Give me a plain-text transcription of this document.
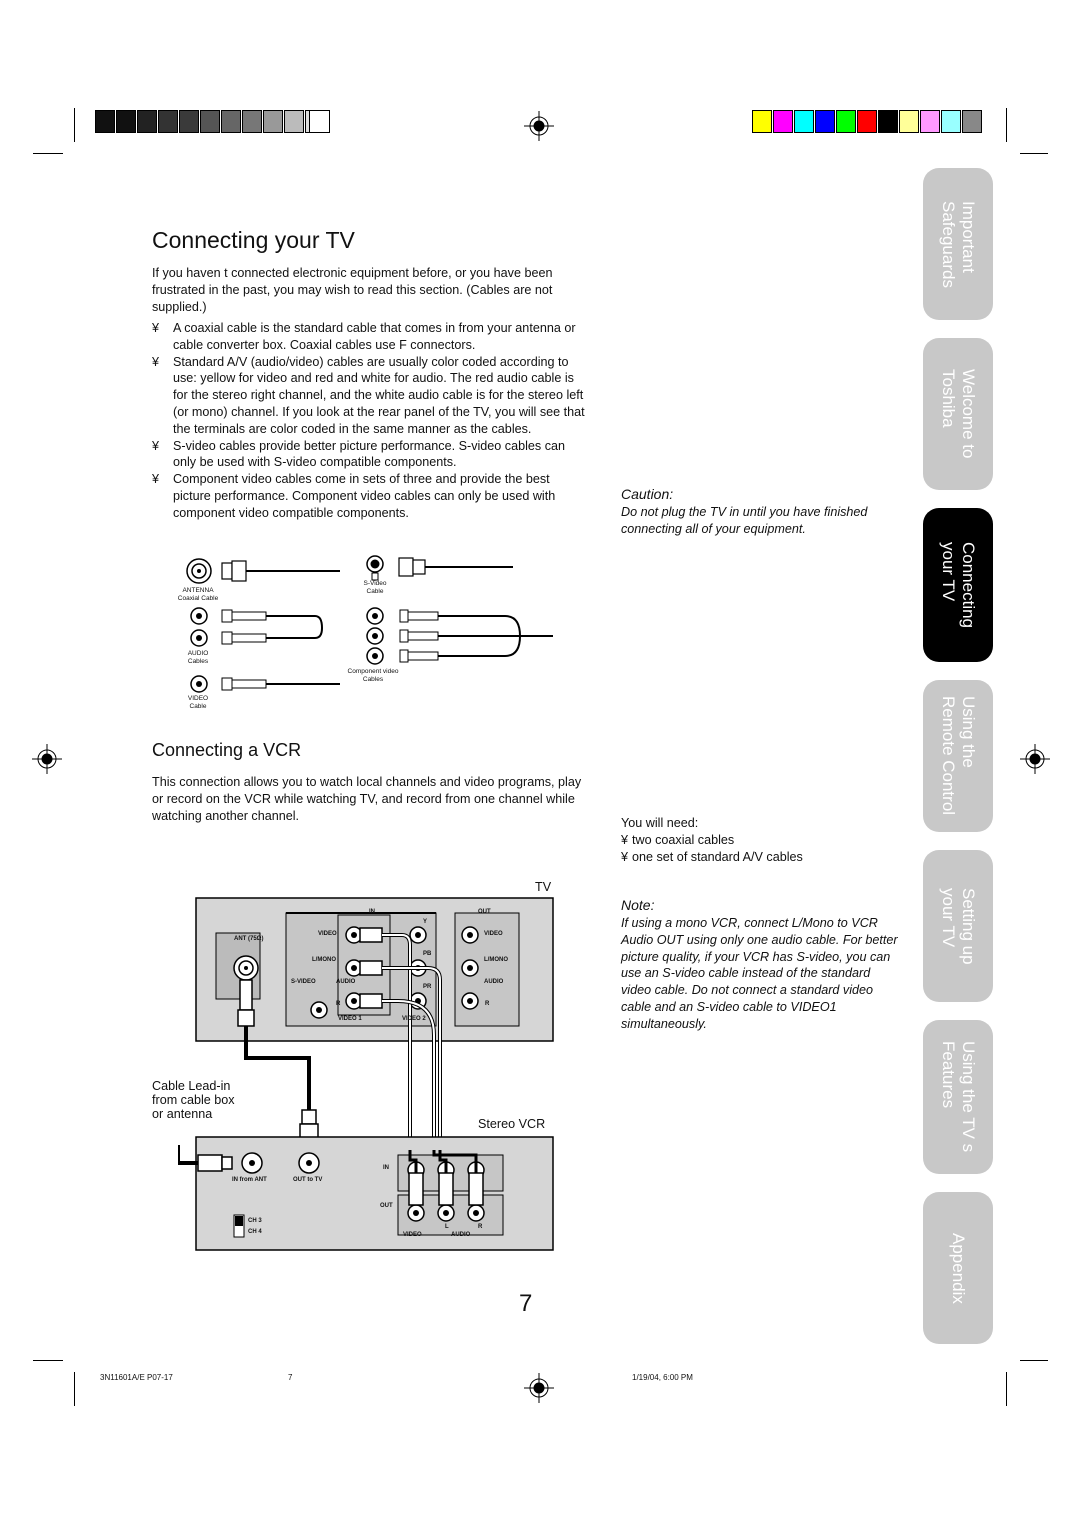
Connecting your TV
If you haven t connected electronic equipment before, or you have been frustrated in the past, you may wish to read this section. (Cables are not supplied.)
¥ A coaxial cable is the standard cable that comes in from your antenna or cable converter box. Coaxial cables use F connectors.
¥ Standard A/V (audio/video) cables are usually color coded according to use: yellow for video and red and white for audio. The red audio cable is for the stereo right channel, and the white audio cable is for the stereo left (or mono) channel. If you look at the rear panel of the TV, you will see that the terminals are color coded in the same manner as the cables.
¥ S-video cables provide better picture performance. S-video cables can only be used with S-video compatible components.
¥ Component video cables come in sets of three and provide the best picture performance. Component video cables can only be used with component video compatible components.
ANTENNA
Coaxial Cable
S-Video
Cable
AUDIO
Cables
Component video
Cables
VIDEO
Cable
Caution:
Do not plug the TV in until you have finished connecting all of your equipment.
Connecting a VCR
This connection allows you to watch local channels and video programs, play or record on the VCR while watching TV, and record from one channel while watching another channel.
You will need:
¥ two coaxial cables
¥ one set of standard A/V cables
Note:
If using a mono VCR, connect L/Mono to VCR Audio OUT using only one audio cable. For better picture quality, if your VCR has S-video, you can use an S-video cable instead of the standard video cable. Do not connect a standard video cable and an S-video cable to VIDEO1 simultaneously.
TV
Stereo VCR
Cable Lead-in
from cable box
or antenna
IN	OUT
ANT (75Ω)
VIDEO
L/MONO
S-VIDEO	AUDIO
R
Y
PB
PR
VIDEO 1	VIDEO 2
VIDEO
L/MONO
AUDIO
R
IN
OUT
IN from ANT	OUT to TV
CH 3
CH 4	VIDEO	AUDIO
L	R
Important
Safeguards
Welcome to
Toshiba
Connecting
your TV
Using the
Remote Control
Setting up
your TV
Using the TV s
Features
Appendix
7
3N11601A/E P07-17	7	1/19/04, 6:00 PM
